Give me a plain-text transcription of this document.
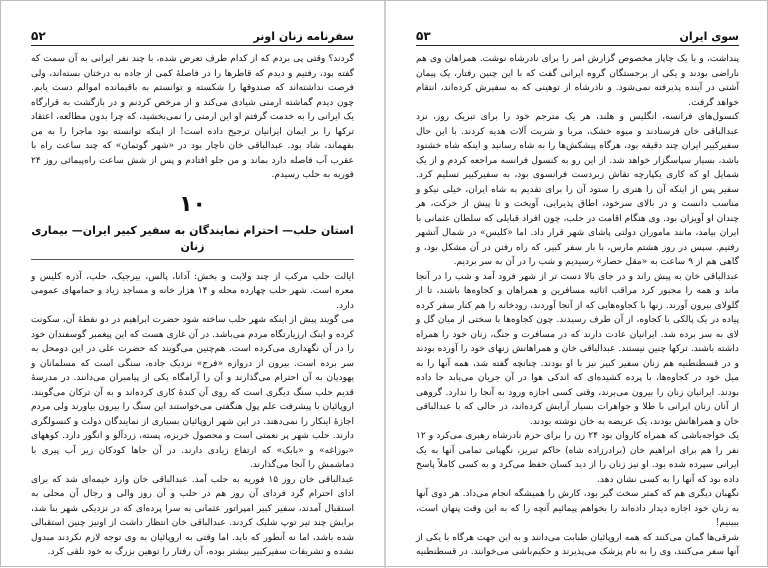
سفرنامه زنان اونر
۵۲

گردند؟ وقتی پی بردم که از کدام طرف تعرض شده، با چند نفر ایرانی به آن سمت که گفته بود، رفتیم و دیدم که قاطرها را در فاصلهٔ کمی از جاده به درختان بسته‌اند، ولی فرصت نداشته‌اند که صندوقها را شکسته و توانستم به باقیمانده اموالم دست یابم. چون دیدم گماشته ارمنی شیادی می‌کند و از مرخص کردنم و در بازگشت به قرارگاه یک ایرانی را به خدمت گرفتم او این ارمنی را نمی‌بخشید، که چرا بدون مطالعه، اعتقاد ترکها را بر ایمان ایرانیان ترجیح داده است! از اینکه توانسته بود ماجرا را به من بفهماند، شاد بود. عبدالباقی خان ناچار بود در «شهر گوتمان» که چند ساعت راه با عقرب آب فاصله دارد بماند و من جلو افتادم و پس از شش ساعت راه‌پیمائی روز ۲۴ فوریه به حلب رسیدم.

۱۰
استان حلب— احترام نمایندگان به سفیر کبیر ایران— بیماری زنان

ایالت حلب مرکب از چند ولایت و بخش: آدانا، پالس، بیرجیک، حلب، آذره کلیس و معره است. شهر حلب چهارده محله و ۱۴ هزار خانه و مساجد زیاد و حمامهای عمومی دارد.

می گویند پیش از اینکه شهر حلب ساخته شود حضرت ابراهیم در دو نقطهٔ آن، سکونت کرده و اینک ارزیارتگاه مردم می‌باشد. در آن غاری هست که این پیغمبر گوسفندان خود را در آن نگهداری می‌کرده است. هم‌چنین می‌گویند که حضرت علی در این دومحل به سر برده است. بیرون از دروازه «فرج» نزدیک جاده، سنگی است که مسلمانان و یهودیان به آن احترام می‌گذارند و آن را آرامگاه یکی از پیامبران می‌دانند. در مدرسهٔ قدیم حلب سنگ دیگری است که روی آن کندهٔ کاری کرده‌اند و به آن ترکان می‌گویند. اروپائیان با پیشرفت علم پول هنگفتی می‌خواستند این سنگ را بیرون بیاورند ولی مردم اجازهٔ اینکار را نمی‌دهند. در این شهر اروپائیان بسیاری از نمایندگان دولت و کنسولگری دارند. حلب شهر پر نعمتی است و محصول خربزه، پسته، زردآلو و انگور دارد. کوههای «بوزاغه» و «بابک» که ارتفاع زیادی دارند. در آن جاها کودکان زیر آب پیری با دماشمش را آنجا می‌گذارند.

عبدالباقی خان روز ۱۵ فوریه به حلب آمد. عبدالباقی خان وارد خیمه‌ای شد که برای ادای احترام گرد فردای آن روز هم در حلب و آن روز والی و رجال آن محلی به استقبال آمدند، سفیر کبیر امپراتور عثمانی به سرا پرده‌ای که در نزدیکی شهر بنا شد، برایش چند تیر توپ شلیک کردند. عبدالباقی خان انتظار داشت از اونیز چنین استقبالی شده باشد، اما نه آنطور که باید. اما وقتی به اروپائیان به وی توجه لازم نکردند مبدول نشده و تشریفات سفیرکبیر بیشتر بوده، آن رفتار را توهین بزرگ به خود تلقی کرد.

سوی ایران
۵۳

پنداشت، و با یک چاپار مخصوص گزارش امر را برای نادرشاه نوشت. همراهان وی هم ناراضی بودند و یکی از برجستگان گروه ایرانی گفت که با این چنین رفتار، یک پیمان آشتی در آینده پذیرفته نمی‌شود. و نادرشاه از توهینی که به سفیرش کرده‌اند، انتقام خواهد گرفت.

کنسول‌های فرانسه، انگلیس و هلند، هر یک مترجم خود را برای تبریک روز، نزد عبدالباقی خان فرستادند و میوه خشک، مربا و شربت آلات هدیه کردند. با این حال سفیرکبیر ایران چند دقیقه بود، هرگاه پیشکش‌ها را به شاه رسانید و اینکه شاه خشنود باشد، بسیار سپاسگزار خواهد شد. از این رو به کنسول فرانسه مراجعه کردم و از یک شمایل او که کاری یکپارچه تقاش زبردست فرانسوی بود، به سفیرکبیر تسلیم کرد. سفیر پس از اینکه آن را هنری را ستود آن را برای تقدیم به شاه ایران، خیلی نیکو و مناسب دانست و در بالای سرخود، اطاق پذیرایی، آویخت و تا پیش از حرکت، هر چندان او آویزان بود. وی هنگام اقامت در حلب، چون افراد قبایلی که سلطان عثمانی با ایران بیامد، مانند ماموران دولتی پاشای شهر قرار داد. اما «کلیس» در شمال آتشهر رفتیم. سپس در روز هشتم مارس، با بار سفر کبیر، که راه رفتن در آن مشکل بود، و گاهی هم از ۹ ساعت به «مقل حصار» رسیدیم و شب را در آن به سر بردیم.

عبدالباقی خان به پیش راند و در جای بالا دست تر از شهر فرود آمد و شب را در آنجا ماند و همه را مجبور کرد مراقب اثاثیه مسافرین و همراهان و کجاوه‌ها باشند، تا از گلولای بیرون آورند. زنها با کجاوه‌هایی که از آنجا آوردند، رودخانه را هم کنار سفر کرده پیاده در یک پالکی یا کجاوه، از آن طرف رسیدند. چون کجاوه‌ها با سختی از میان گل و لای به سر برده شد. ایرانیان عادت دارند که در مسافرت و جنگ، زنان خود را همراه داشته باشند. ترکها چنین نیستند. عبدالباقی خان و همراهانش زنهای خود را آورده بودند و در قسطنطنیه هم زنان سفیر کبیر نیز با او بودند. چنانچه گفته شد، همه آنها را به میل خود در کجاوه‌ها، با پرده کشیده‌ای که اندکی هوا در آن جریان می‌یابد جا داده بودند. ایرانیان زنان را بیرون می‌برند، وقتی کسی اجازه ورود به آنجا را ندارد. گروهی از آنان زنان ایرانی با طلا و جواهرات بسیار آرایش کرده‌اند، در حالی که با عبدالباقی خان و همراهانش بودند، یک عریضه به خان نوشته بودند.

یک خواجه‌باشی که همراه کاروان بود ۲۴ زن را برای حرم نادرشاه رهبری می‌کرد و ۱۲ نفر را هم برای ابراهیم خان (برادرزاده شاه) حاکم تبریز، نگهبانی تمامی آنها به یک ایرانی سپرده شده بود. او نیز زنان را از دید کسان حفظ می‌کرد و به کسی کاملاً پاسخ داده بود که آنها را به کسی نشان دهد.

نگهبان دیگری هم که کمتر سخت گیر بود، کارش را همیشگه انجام می‌داد. هر دوی آنها به زنان خود اجازه دیدار داده‌اند را بخواهم پیمائیم آنچه را که به این وقت پنهان است، ببینیم!

شرقی‌ها گمان می‌کنند که همه اروپائیان طبابت می‌دانند و به این جهت هرگاه با یکی از آنها سفر می‌کنند، وی را به نام پزشک می‌پذیرند و حکیم‌باشی می‌خوانند. در قسطنطنیه
